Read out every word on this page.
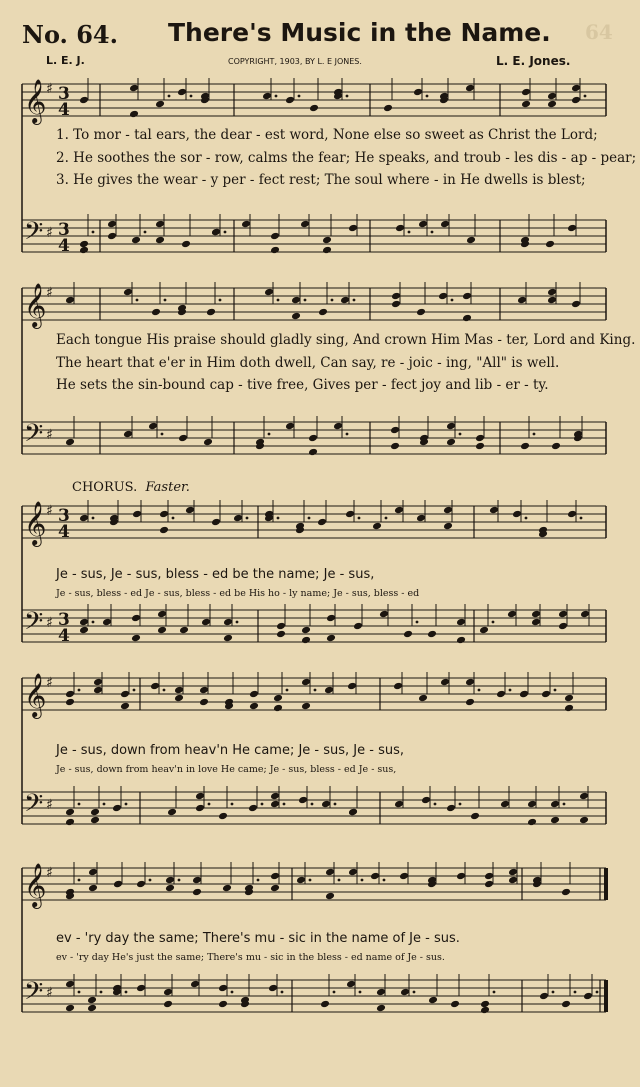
No. 64. There's Music in the Name. 64
L. E. J.	COPYRIGHT, 1903, BY L. E JONES.	L. E. Jones.
𝄞
𝄢
♯
♯
3
4
3
4
1. To mor - tal ears, the dear - est word, None else so sweet as Christ the Lord;
2. He soothes the sor - row, calms the fear; He speaks, and troub - les dis - ap - pear;
3. He gives the wear - y per - fect rest; The soul where - in He dwells is blest;
𝄞
𝄢
♯
♯
Each tongue His praise should gladly sing, And crown Him Mas - ter, Lord and King.
The heart that e'er in Him doth dwell, Can say, re - joic - ing, "All" is well.
He sets the sin-bound cap - tive free, Gives per - fect joy and lib - er - ty.
CHORUS. Faster.
𝄞
𝄢
♯
♯
3
4
3
4
Je - sus, Je - sus, bless - ed be the name; Je - sus,
Je - sus, bless - ed Je - sus, bless - ed be His ho - ly name; Je - sus, bless - ed
𝄞
𝄢
♯
♯
Je - sus, down from heav'n He came; Je - sus, Je - sus,
Je - sus, down from heav'n in love He came; Je - sus, bless - ed Je - sus,
𝄞
𝄢
♯
♯
ev - 'ry day the same; There's mu - sic in the name of Je - sus.
ev - 'ry day He's just the same; There's mu - sic in the bless - ed name of Je - sus.
